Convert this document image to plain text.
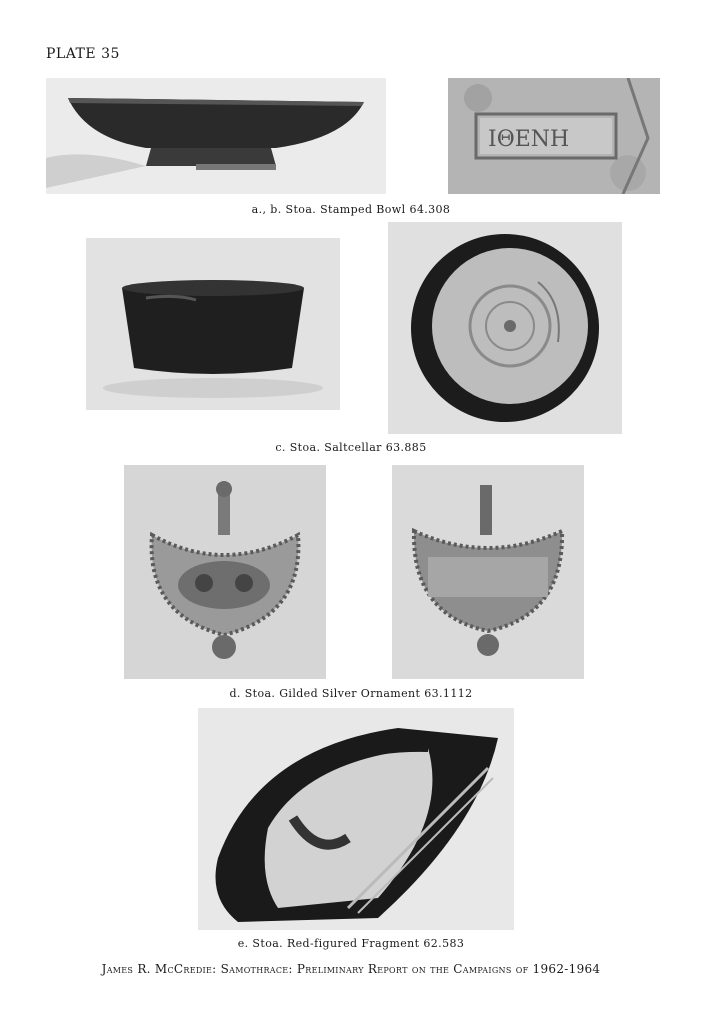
PLATE 35
ΙΘΕΝΗ
a., b. Stoa. Stamped Bowl 64.308
c. Stoa. Saltcellar 63.885
d. Stoa. Gilded Silver Ornament 63.1112
e. Stoa. Red-figured Fragment 62.583
James R. McCredie: Samothrace: Preliminary Report on the Campaigns of 1962-1964
